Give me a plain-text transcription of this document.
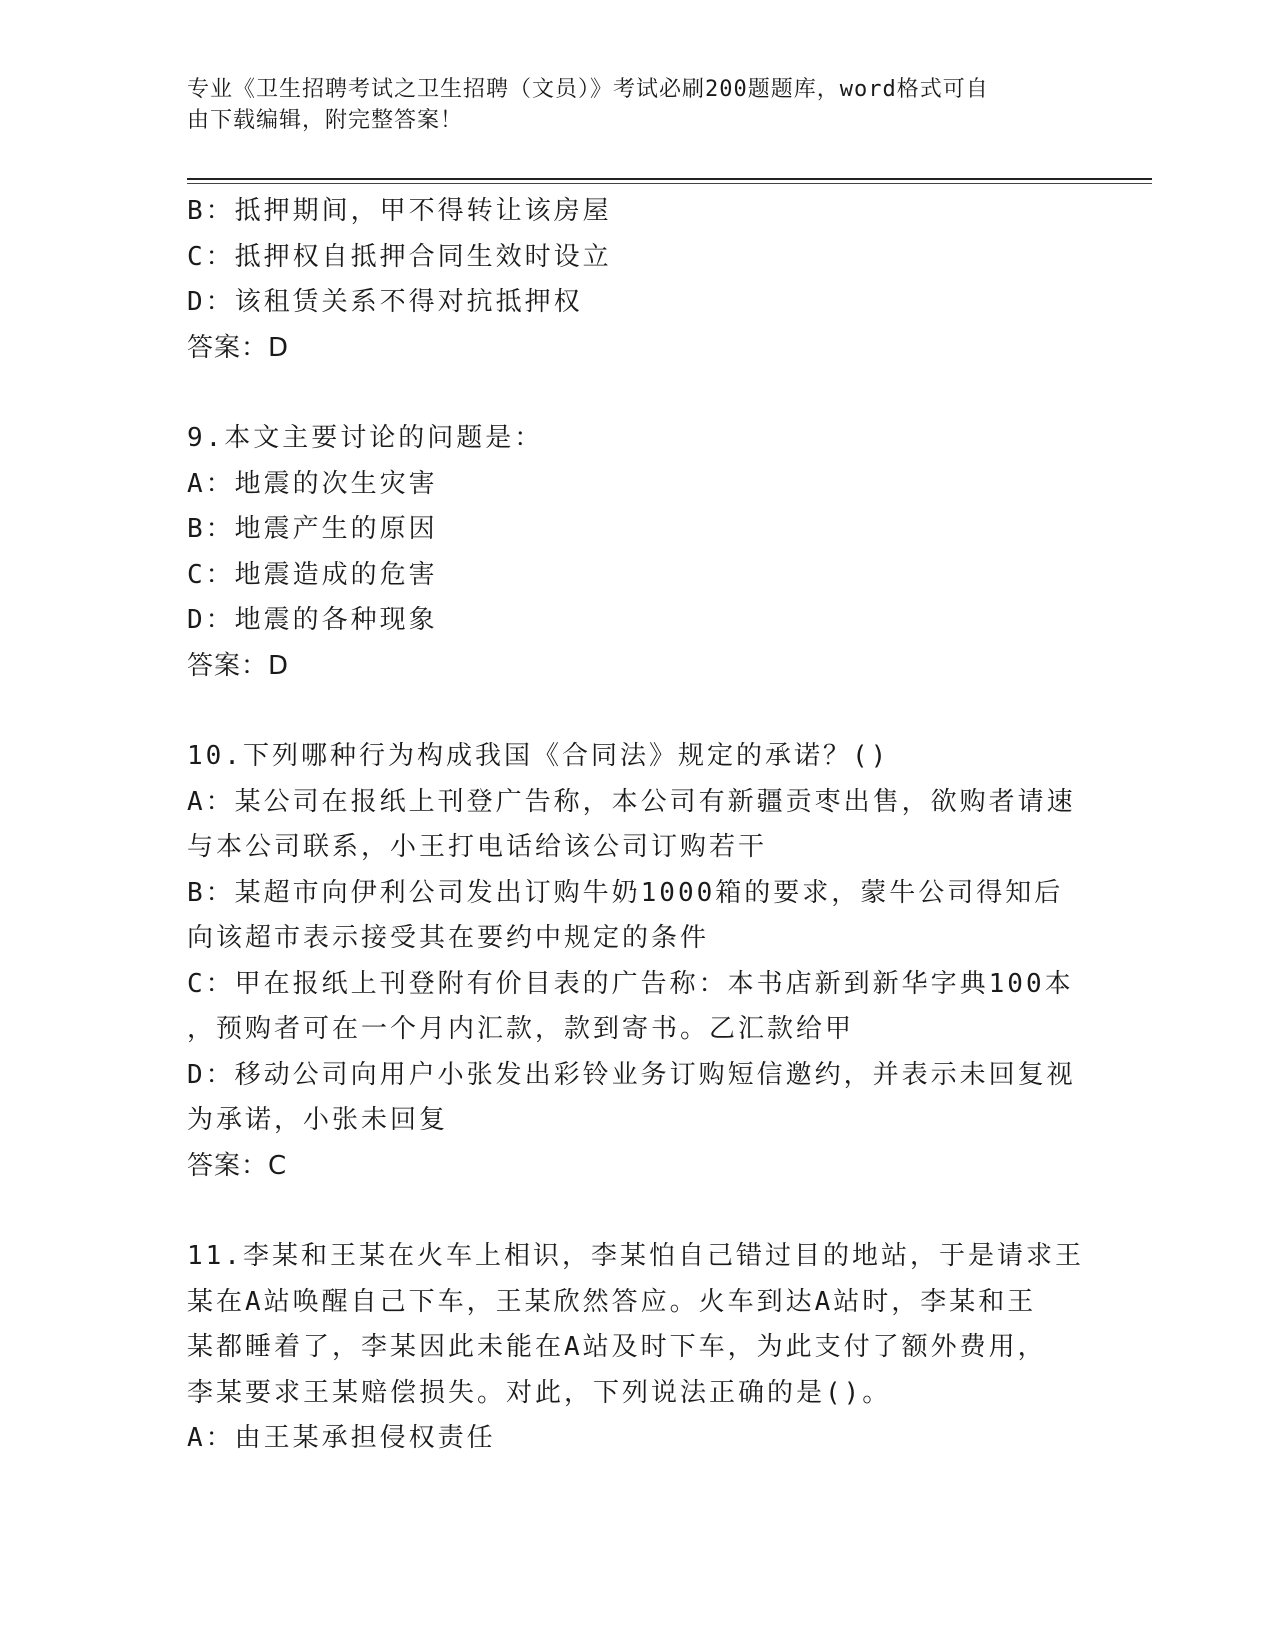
专业《卫生招聘考试之卫生招聘（文员）》考试必刷200题题库，word格式可自
由下载编辑，附完整答案！
B：抵押期间，甲不得转让该房屋
C：抵押权自抵押合同生效时设立
D：该租赁关系不得对抗抵押权
答案：D
9.本文主要讨论的问题是：
A：地震的次生灾害
B：地震产生的原因
C：地震造成的危害
D：地震的各种现象
答案：D
10.下列哪种行为构成我国《合同法》规定的承诺？()
A：某公司在报纸上刊登广告称，本公司有新疆贡枣出售，欲购者请速
与本公司联系，小王打电话给该公司订购若干
B：某超市向伊利公司发出订购牛奶1000箱的要求，蒙牛公司得知后
向该超市表示接受其在要约中规定的条件
C：甲在报纸上刊登附有价目表的广告称：本书店新到新华字典100本
，预购者可在一个月内汇款，款到寄书。乙汇款给甲
D：移动公司向用户小张发出彩铃业务订购短信邀约，并表示未回复视
为承诺，小张未回复
答案：C
11.李某和王某在火车上相识，李某怕自己错过目的地站，于是请求王
某在A站唤醒自己下车，王某欣然答应。火车到达A站时，李某和王
某都睡着了，李某因此未能在A站及时下车，为此支付了额外费用，
李某要求王某赔偿损失。对此，下列说法正确的是()。
A：由王某承担侵权责任
